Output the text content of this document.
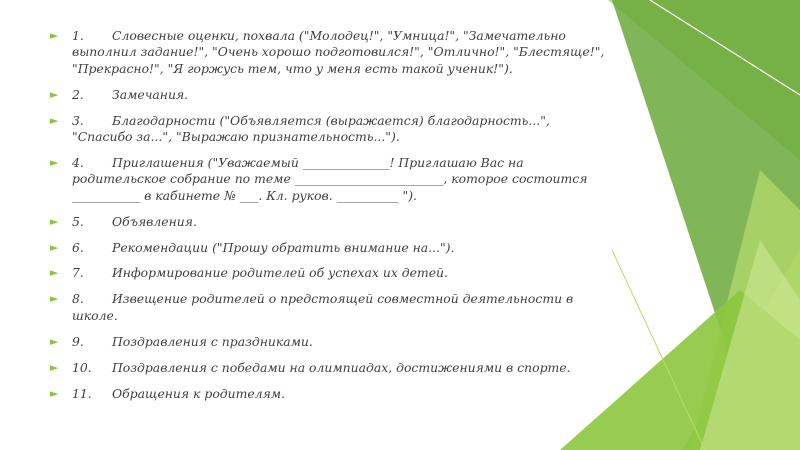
► 1. Словесные оценки, похвала ("Молодец!", "Умница!", "Замечательно выполнил задание!", "Очень хорошо подготовился!", "Отлично!", "Блестяще!", "Прекрасно!", "Я горжусь тем, что у меня есть такой ученик!").
► 2. Замечания.
► 3. Благодарности ("Объявляется (выражается) благодарность...", "Спасибо за...", "Выражаю признательность...").
► 4. Приглашения ("Уважаемый ______________! Приглашаю Вас на родительское собрание по теме ________________________, которое состоится ___________ в кабинете № ___. Кл. руков. __________ ").
► 5. Объявления.
► 6. Рекомендации ("Прошу обратить внимание на...").
► 7. Информирование родителей об успехах их детей.
► 8. Извещение родителей о предстоящей совместной деятельности в школе.
► 9. Поздравления с праздниками.
► 10. Поздравления с победами на олимпиадах, достижениями в спорте.
► 11. Обращения к родителям.
